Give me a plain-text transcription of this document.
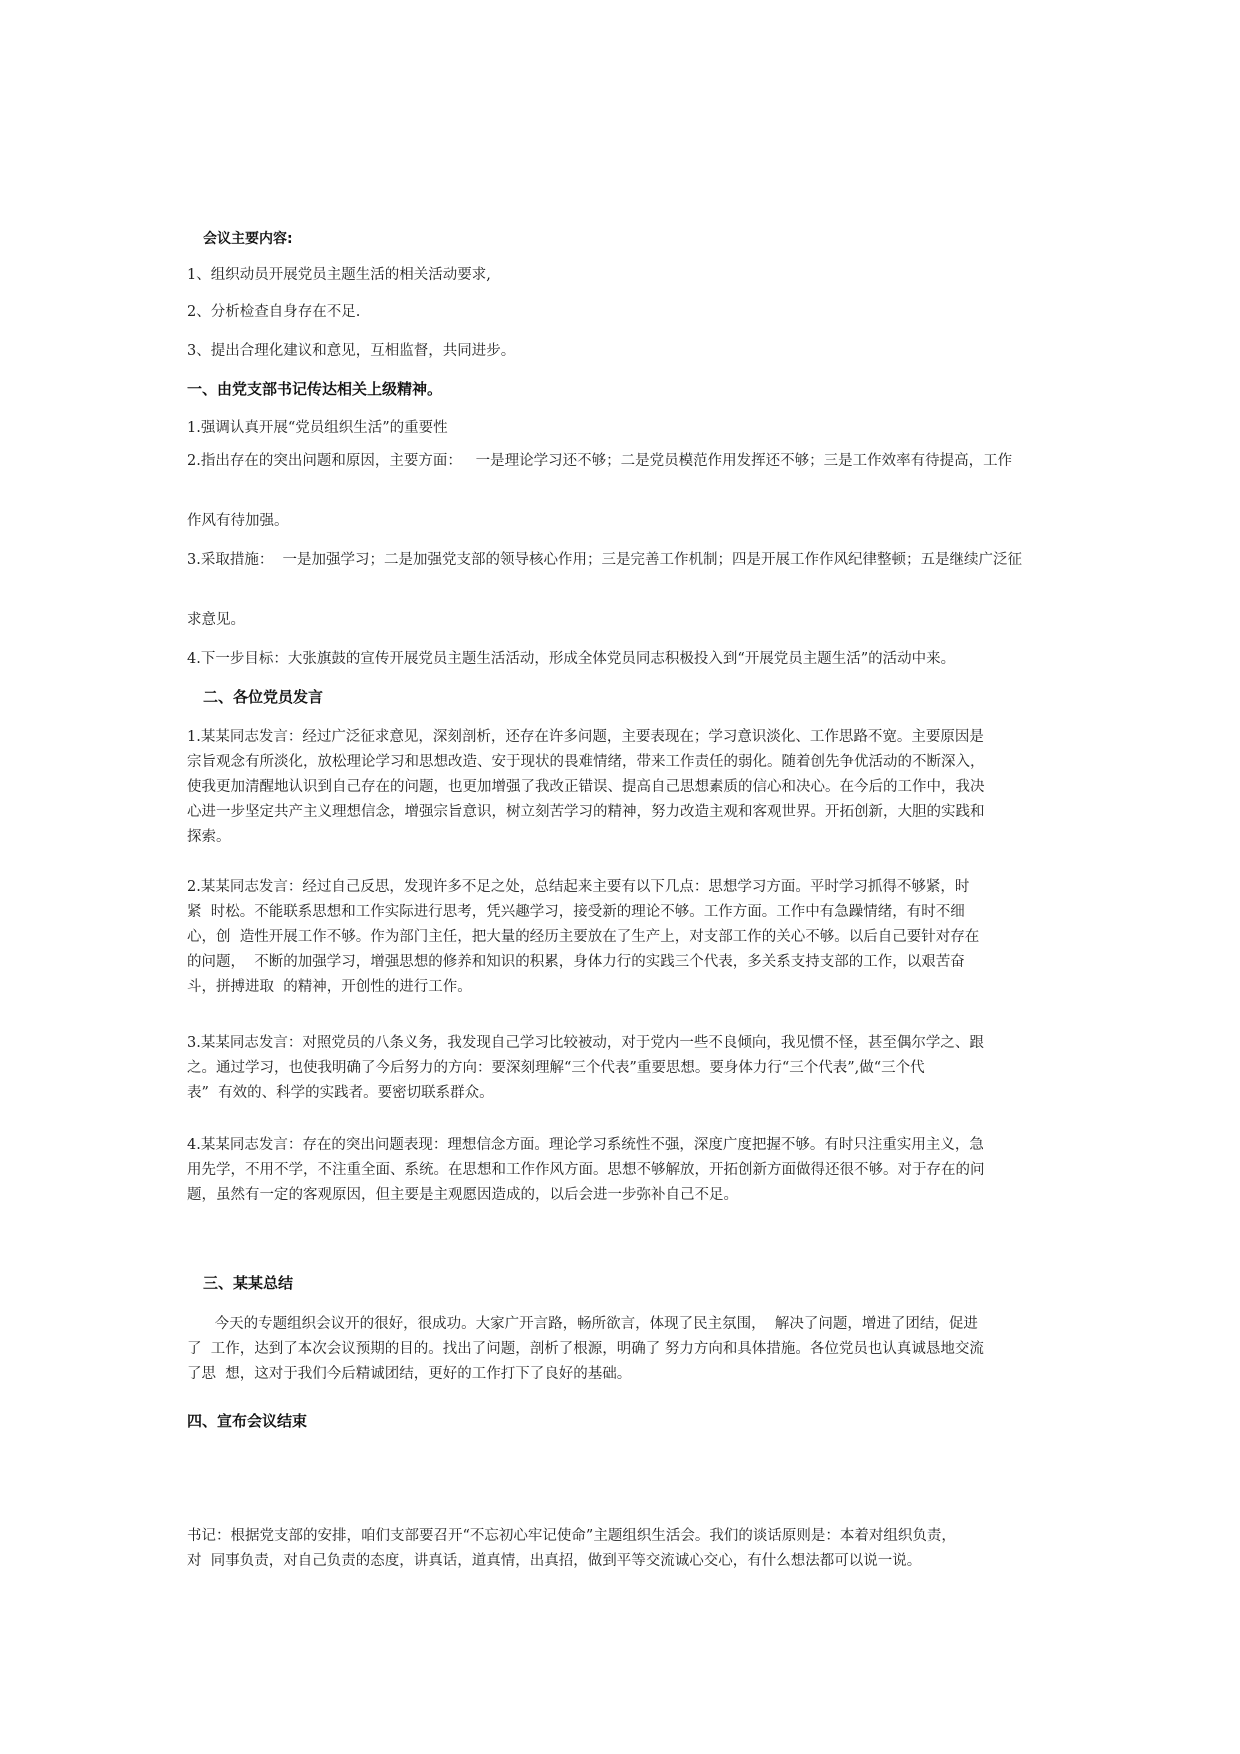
会议主要内容:
1、组织动员开展党员主题生活的相关活动要求,
2、分析检查自身存在不足.
3、提出合理化建议和意见，互相监督，共同进步。
一、由党支部书记传达相关上级精神。
1.强调认真开展“党员组织生活”的重要性
2.指出存在的突出问题和原因，主要方面：   一是理论学习还不够；二是党员模范作用发挥还不够；三是工作效率有待提高，工作
作风有待加强。
3.采取措施：  一是加强学习；二是加强党支部的领导核心作用；三是完善工作机制；四是开展工作作风纪律整顿；五是继续广泛征
求意见。
4.下一步目标：大张旗鼓的宣传开展党员主题生活活动，形成全体党员同志积极投入到“开展党员主题生活”的活动中来。
二、各位党员发言
1.某某同志发言：经过广泛征求意见，深刻剖析，还存在许多问题，主要表现在；学习意识淡化、工作思路不宽。主要原因是
宗旨观念有所淡化，放松理论学习和思想改造、安于现状的畏难情绪，带来工作责任的弱化。随着创先争优活动的不断深入，
使我更加清醒地认识到自己存在的问题，也更加增强了我改正错误、提高自己思想素质的信心和决心。在今后的工作中，我决
心进一步坚定共产主义理想信念，增强宗旨意识，树立刻苦学习的精神，努力改造主观和客观世界。开拓创新，大胆的实践和
探索。
2.某某同志发言：经过自己反思，发现许多不足之处，总结起来主要有以下几点：思想学习方面。平时学习抓得不够紧，时
紧  时松。不能联系思想和工作实际进行思考，凭兴趣学习，接受新的理论不够。工作方面。工作中有急躁情绪，有时不细
心，创  造性开展工作不够。作为部门主任，把大量的经历主要放在了生产上，对支部工作的关心不够。以后自己要针对存在
的问题，  不断的加强学习，增强思想的修养和知识的积累，身体力行的实践三个代表，多关系支持支部的工作，以艰苦奋
斗，拼搏进取  的精神，开创性的进行工作。
3.某某同志发言：对照党员的八条义务，我发现自己学习比较被动，对于党内一些不良倾向，我见惯不怪，甚至偶尔学之、跟
之。通过学习，也使我明确了今后努力的方向：要深刻理解“三个代表”重要思想。要身体力行“三个代表”,做“三个代
表”  有效的、科学的实践者。要密切联系群众。
4.某某同志发言：存在的突出问题表现：理想信念方面。理论学习系统性不强，深度广度把握不够。有时只注重实用主义，急
用先学，不用不学，不注重全面、系统。在思想和工作作风方面。思想不够解放，开拓创新方面做得还很不够。对于存在的问
题，虽然有一定的客观原因，但主要是主观愿因造成的，以后会进一步弥补自己不足。
三、某某总结
今天的专题组织会议开的很好，很成功。大家广开言路，畅所欲言，体现了民主氛围，  解决了问题，增进了团结，促进
了  工作，达到了本次会议预期的目的。找出了问题，剖析了根源，明确了 努力方向和具体措施。各位党员也认真诚恳地交流
了思  想，这对于我们今后精诚团结，更好的工作打下了良好的基础。
四、宣布会议结束
书记：根据党支部的安排，咱们支部要召开“不忘初心牢记使命”主题组织生活会。我们的谈话原则是：本着对组织负责，
对  同事负责，对自己负责的态度，讲真话，道真情，出真招，做到平等交流诚心交心，有什么想法都可以说一说。
